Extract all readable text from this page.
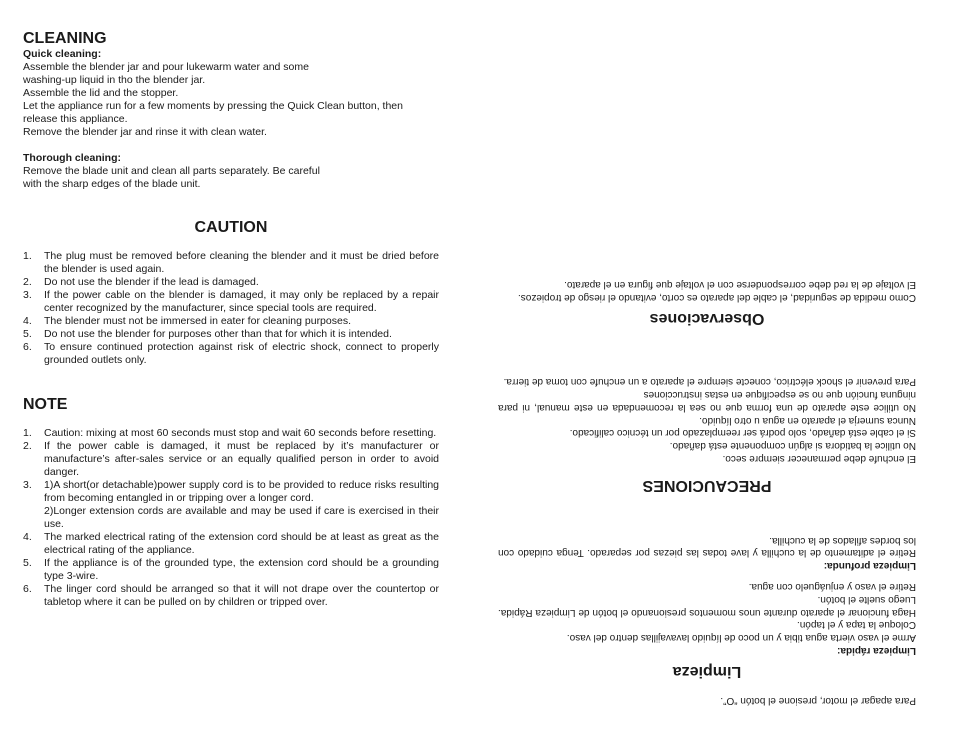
CLEANING
Quick cleaning:
Assemble the blender jar and pour lukewarm water and some
washing-up liquid in tho the blender jar.
Assemble the lid and the stopper.
Let the appliance run for a few moments by pressing the Quick Clean button, then
release this appliance.
Remove the blender jar and rinse it with clean water.
Thorough cleaning:
Remove the blade unit and clean all parts separately. Be careful
with the sharp edges of the blade unit.
CAUTION
1. The plug must be removed before cleaning the blender and it must be dried before the blender is used again.
2. Do not use the blender if the lead is damaged.
3. If the power cable on the blender is damaged, it may only be replaced by a repair center recognized by the manufacturer, since special tools are required.
4. The blender must not be immersed in eater for cleaning purposes.
5. Do not use the blender for purposes other than that for which it is intended.
6. To ensure continued protection against risk of electric shock, connect to properly grounded outlets only.
NOTE
1. Caution: mixing at most 60 seconds must stop and wait 60 seconds before resetting.
2. If the power cable is damaged, it must be replaced by it’s manufacturer or manufacture’s after-sales service or an equally qualified person in order to avoid danger.
3. 1)A short(or detachable)power supply cord is to be provided to reduce risks resulting from becoming entangled in or tripping over a longer cord.
2)Longer extension cords are available and may be used if care is exercised in their use.
4. The marked electrical rating of the extension cord should be at least as great as the electrical rating of the appliance.
5. If the appliance is of the grounded type, the extension cord should be a grounding type 3-wire.
6. The linger cord should be arranged so that it will not drape over the countertop or tabletop where it can be pulled on by children or tripped over.
Para apagar el motor, presione el botón “O”.
Limpieza
Limpieza rápida:
Arme el vaso vierta agua tibia y un poco de líquido lavavajillas dentro del vaso.
Coloque la tapa y el tapón.
Haga funcionar el aparato durante unos momentos presionando el botón de Limpieza Rápida. Luego suelte el botón.
Retire el vaso y enjuáguelo con agua.
Limpieza profunda:
Retire el aditamento de la cuchilla y lave todas las piezas por separado. Tenga cuidado con los bordes afilados de la cuchilla.
PRECAUCIONES
El enchufe debe permanecer siempre seco.
No utilice la batidora si algún componente está dañado.
Si el cable está dañado, solo podrá ser reemplazado por un técnico calificado.
Nunca sumerja el aparato en agua u otro líquido.
No utilice este aparato de una forma que no sea la recomendada en este manual, ni para ninguna función que no se especifique en estas instrucciones
Para prevenir el shock eléctrico, conecte siempre el aparato a un enchufe con toma de tierra.
Observaciones
Como medida de seguridad, el cable del aparato es corto, evitando el riesgo de tropiezos.
El voltaje de la red debe corresponderse con el voltaje que figura en el aparato.
